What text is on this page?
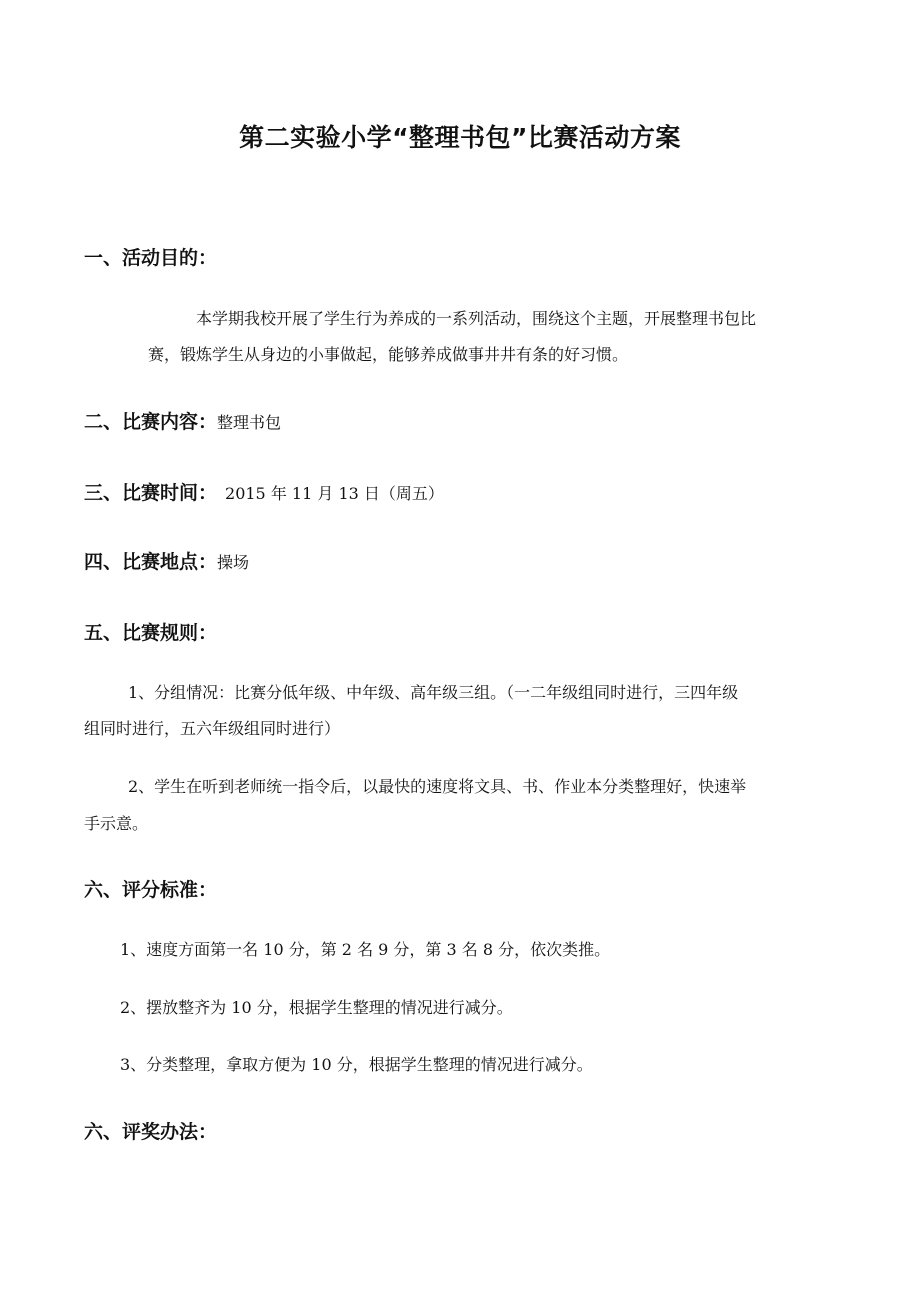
第二实验小学“整理书包”比赛活动方案
一、活动目的：
本学期我校开展了学生行为养成的一系列活动，围绕这个主题，开展整理书包比
赛，锻炼学生从身边的小事做起，能够养成做事井井有条的好习惯。
二、比赛内容：整理书包
三、比赛时间： 2015 年 11 月 13 日（周五）
四、比赛地点：操场
五、比赛规则：
1、分组情况：比赛分低年级、中年级、高年级三组。（一二年级组同时进行，三四年级
组同时进行，五六年级组同时进行）
2、学生在听到老师统一指令后，以最快的速度将文具、书、作业本分类整理好，快速举
手示意。
六、评分标准：
1、速度方面第一名 10 分，第 2 名 9 分，第 3 名 8 分，依次类推。
2、摆放整齐为 10 分，根据学生整理的情况进行减分。
3、分类整理，拿取方便为 10 分，根据学生整理的情况进行减分。
六、评奖办法：
